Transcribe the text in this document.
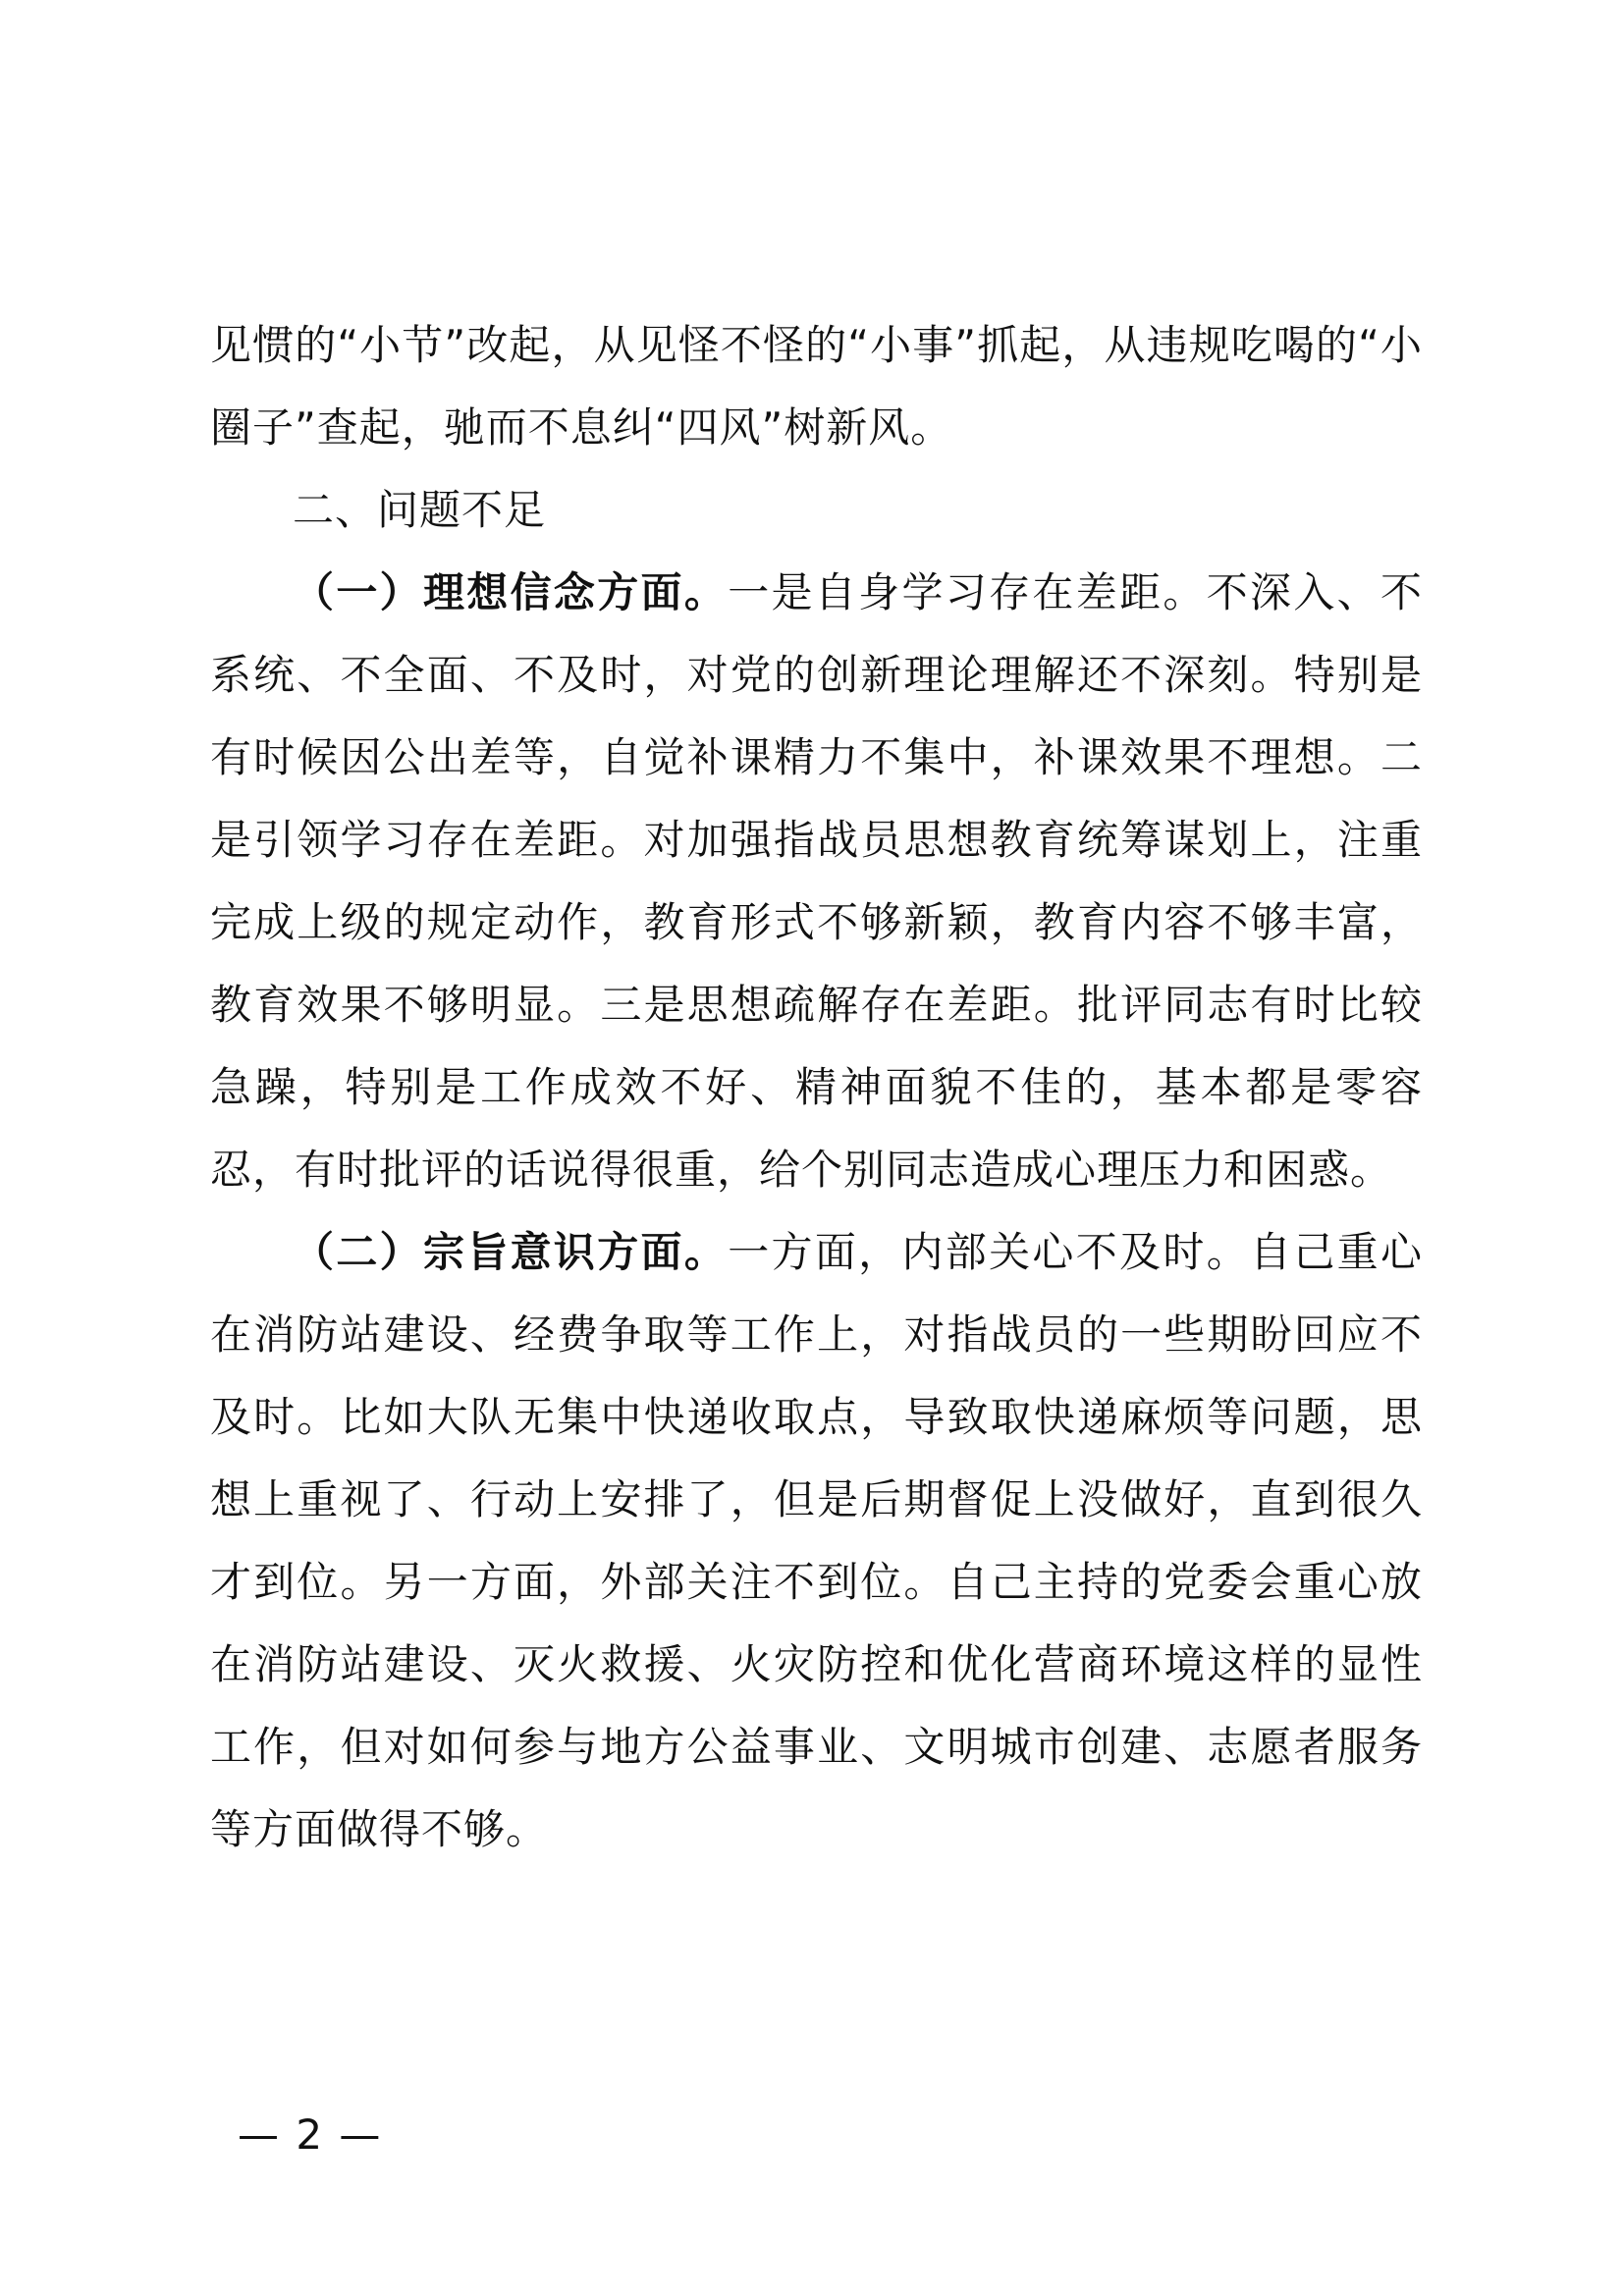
见惯的“小节”改起，从见怪不怪的“小事”抓起，从违规吃喝的“小圈子”查起，驰而不息纠“四风”树新风。

二、问题不足

（一）理想信念方面。一是自身学习存在差距。不深入、不系统、不全面、不及时，对党的创新理论理解还不深刻。特别是有时候因公出差等，自觉补课精力不集中，补课效果不理想。二是引领学习存在差距。对加强指战员思想教育统筹谋划上，注重完成上级的规定动作，教育形式不够新颖，教育内容不够丰富，教育效果不够明显。三是思想疏解存在差距。批评同志有时比较急躁，特别是工作成效不好、精神面貌不佳的，基本都是零容忍，有时批评的话说得很重，给个别同志造成心理压力和困惑。

（二）宗旨意识方面。一方面，内部关心不及时。自己重心在消防站建设、经费争取等工作上，对指战员的一些期盼回应不及时。比如大队无集中快递收取点，导致取快递麻烦等问题，思想上重视了、行动上安排了，但是后期督促上没做好，直到很久才到位。另一方面，外部关注不到位。自己主持的党委会重心放在消防站建设、灭火救援、火灾防控和优化营商环境这样的显性工作，但对如何参与地方公益事业、文明城市创建、志愿者服务等方面做得不够。

— 2 —
